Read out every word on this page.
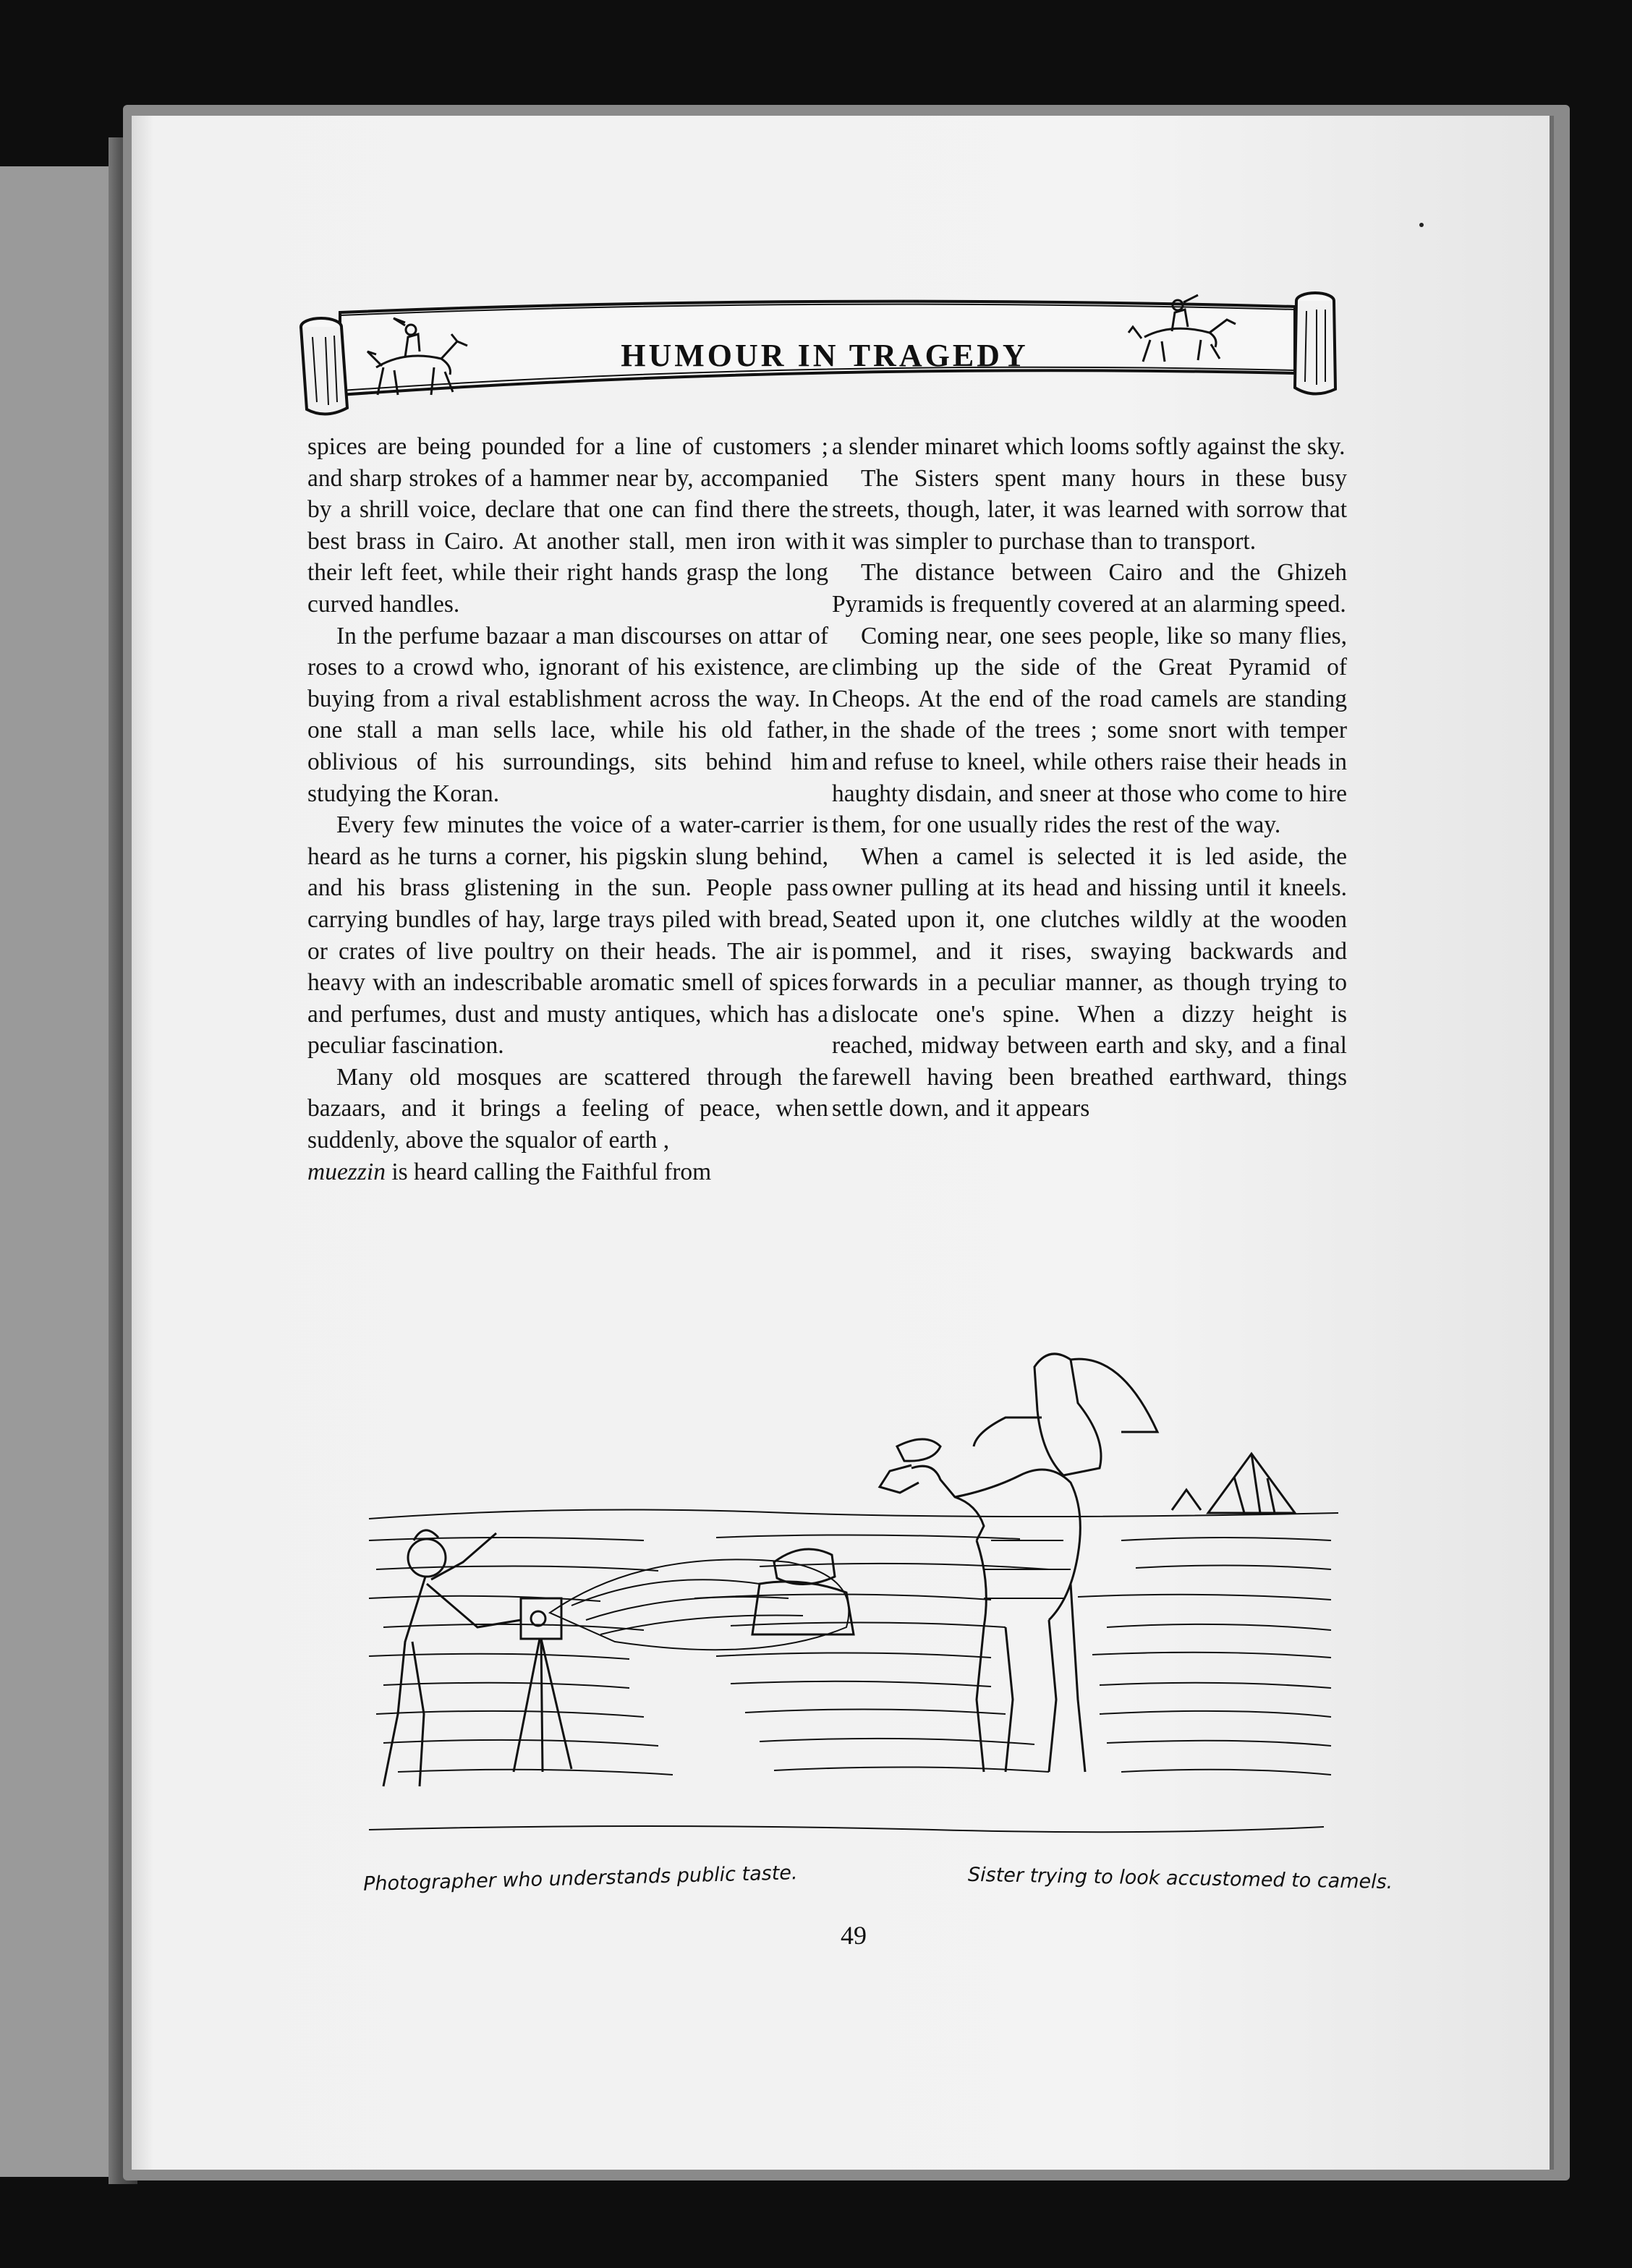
HUMOUR IN TRAGEDY

spices are being pounded for a line of customers ; and sharp strokes of a hammer near by, accompanied by a shrill voice, declare that one can find there the best brass in Cairo. At another stall, men iron with their left feet, while their right hands grasp the long curved handles.

In the perfume bazaar a man discourses on attar of roses to a crowd who, ignorant of his existence, are buying from a rival establishment across the way. In one stall a man sells lace, while his old father, oblivious of his surroundings, sits behind him studying the Koran.

Every few minutes the voice of a water-carrier is heard as he turns a corner, his pigskin slung behind, and his brass glistening in the sun. People pass carrying bundles of hay, large trays piled with bread, or crates of live poultry on their heads. The air is heavy with an indescribable aromatic smell of spices and perfumes, dust and musty antiques, which has a peculiar fascination.

Many old mosques are scattered through the bazaars, and it brings a feeling of peace, when suddenly, above the squalor of earth ,
muezzin is heard calling the Faithful from

a slender minaret which looms softly against the sky.

The Sisters spent many hours in these busy streets, though, later, it was learned with sorrow that it was simpler to purchase than to transport.

The distance between Cairo and the Ghizeh Pyramids is frequently covered at an alarming speed.

Coming near, one sees people, like so many flies, climbing up the side of the Great Pyramid of Cheops. At the end of the road camels are standing in the shade of the trees ; some snort with temper and refuse to kneel, while others raise their heads in haughty disdain, and sneer at those who come to hire them, for one usually rides the rest of the way.

When a camel is selected it is led aside, the owner pulling at its head and hissing until it kneels. Seated upon it, one clutches wildly at the wooden pommel, and it rises, swaying backwards and forwards in a peculiar manner, as though trying to dislocate one's spine. When a dizzy height is reached, midway between earth and sky, and a final farewell having been breathed earthward, things settle down, and it appears

Photographer who understands public taste.	Sister trying to look accustomed to camels.
49
